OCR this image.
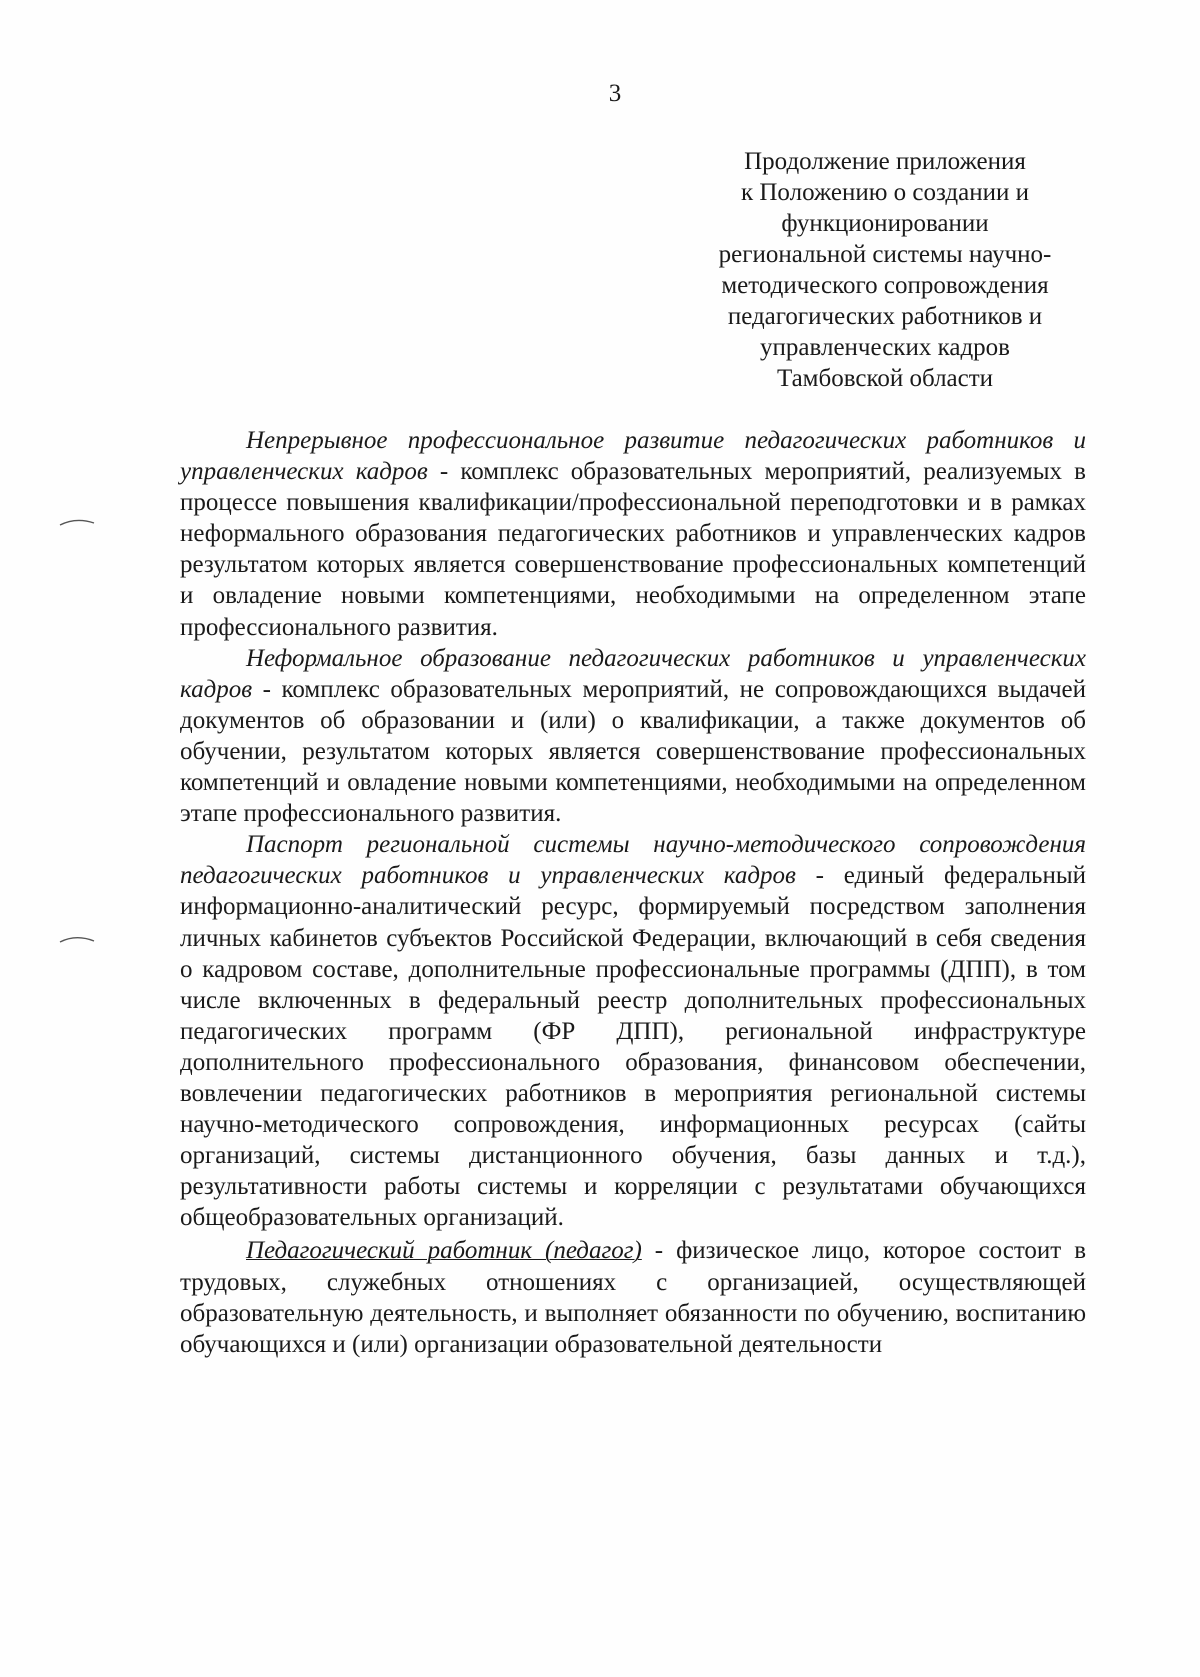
3
Продолжение приложения
к Положению о создании и
функционировании
региональной системы научно-
методического сопровождения
педагогических работников и
управленческих кадров
Тамбовской области

Непрерывное профессиональное развитие педагогических работников и управленческих кадров - комплекс образовательных мероприятий, реализуемых в процессе повышения квалификации/профессиональной переподготовки и в рамках неформального образования педагогических работников и управленческих кадров результатом которых является совершенствование профессиональных компетенций и овладение новыми компетенциями, необходимыми на определенном этапе профессионального развития.

Неформальное образование педагогических работников и управленческих кадров - комплекс образовательных мероприятий, не сопровождающихся выдачей документов об образовании и (или) о квалификации, а также документов об обучении, результатом которых является совершенствование профессиональных компетенций и овладение новыми компетенциями, необходимыми на определенном этапе профессионального развития.

Паспорт региональной системы научно-методического сопровождения педагогических работников и управленческих кадров - единый федеральный информационно-аналитический ресурс, формируемый посредством заполнения личных кабинетов субъектов Российской Федерации, включающий в себя сведения о кадровом составе, дополнительные профессиональные программы (ДПП), в том числе включенных в федеральный реестр дополнительных профессиональных педагогических программ (ФР ДПП), региональной инфраструктуре дополнительного профессионального образования, финансовом обеспечении, вовлечении педагогических работников в мероприятия региональной системы научно-методического сопровождения, информационных ресурсах (сайты организаций, системы дистанционного обучения, базы данных и т.д.), результативности работы системы и корреляции с результатами обучающихся общеобразовательных организаций.

Педагогический работник (педагог) - физическое лицо, которое состоит в трудовых, служебных отношениях с организацией, осуществляющей образовательную деятельность, и выполняет обязанности по обучению, воспитанию обучающихся и (или) организации образовательной деятельности
